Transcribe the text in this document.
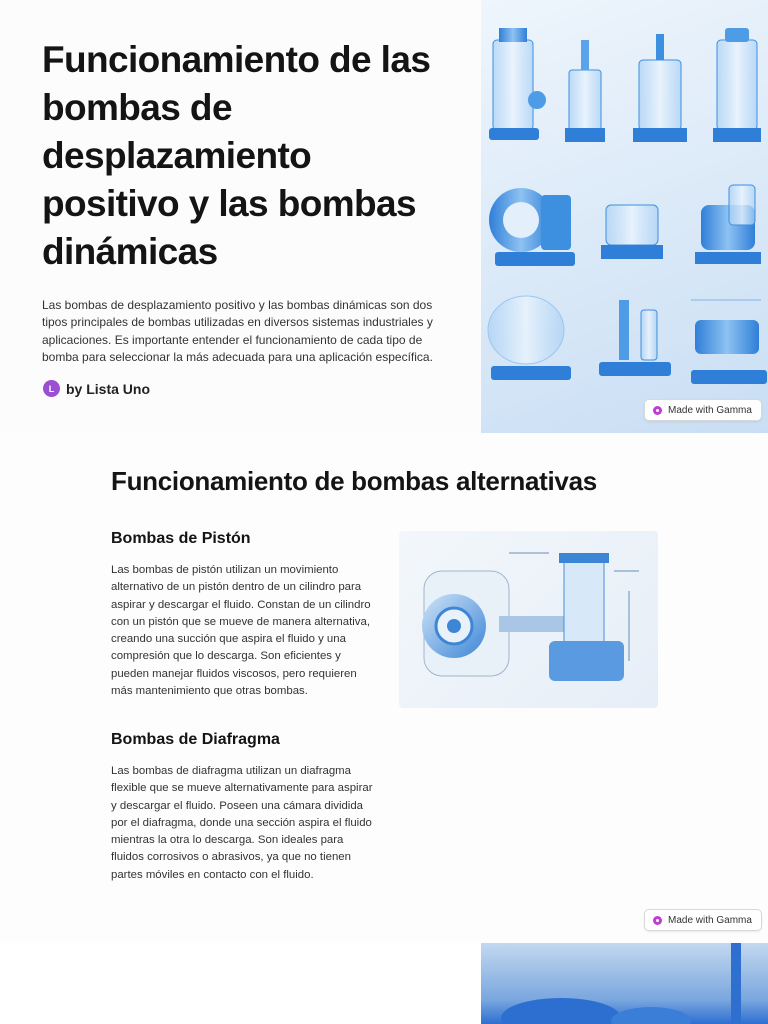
Funcionamiento de las bombas de desplazamiento positivo y las bombas dinámicas

Las bombas de desplazamiento positivo y las bombas dinámicas son dos tipos principales de bombas utilizadas en diversos sistemas industriales y aplicaciones. Es importante entender el funcionamiento de cada tipo de bomba para seleccionar la más adecuada para una aplicación específica.

L by Lista Uno
Made with Gamma
Funcionamiento de bombas alternativas
Bombas de Pistón

Las bombas de pistón utilizan un movimiento alternativo de un pistón dentro de un cilindro para aspirar y descargar el fluido. Constan de un cilindro con un pistón que se mueve de manera alternativa, creando una succión que aspira el fluido y una compresión que lo descarga. Son eficientes y pueden manejar fluidos viscosos, pero requieren más mantenimiento que otras bombas.

Bombas de Diafragma

Las bombas de diafragma utilizan un diafragma flexible que se mueve alternativamente para aspirar y descargar el fluido. Poseen una cámara dividida por el diafragma, donde una sección aspira el fluido mientras la otra lo descarga. Son ideales para fluidos corrosivos o abrasivos, ya que no tienen partes móviles en contacto con el fluido.

Made with Gamma
